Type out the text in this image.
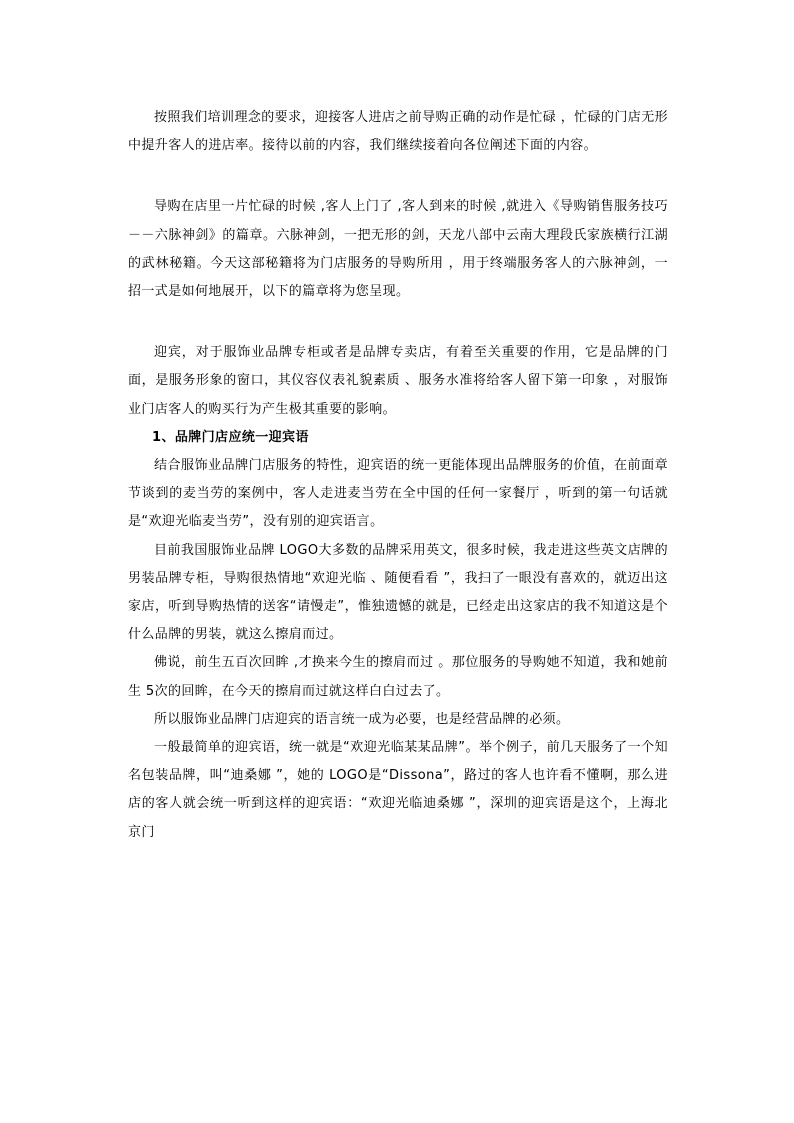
按照我们培训理念的要求，迎接客人进店之前导购正确的动作是忙碌 ，忙碌的门店无形中提升客人的进店率。接待以前的内容，我们继续接着向各位阐述下面的内容。

导购在店里一片忙碌的时候 ,客人上门了 ,客人到来的时候 ,就进入《导购销售服务技巧－－六脉神剑》的篇章。六脉神剑，一把无形的剑，天龙八部中云南大理段氏家族横行江湖的武林秘籍。今天这部秘籍将为门店服务的导购所用 ，用于终端服务客人的六脉神剑，一招一式是如何地展开，以下的篇章将为您呈现。

迎宾，对于服饰业品牌专柜或者是品牌专卖店，有着至关重要的作用，它是品牌的门面，是服务形象的窗口，其仪容仪表礼貌素质 、服务水准将给客人留下第一印象 ，对服饰业门店客人的购买行为产生极其重要的影响。

1、品牌门店应统一迎宾语

结合服饰业品牌门店服务的特性，迎宾语的统一更能体现出品牌服务的价值，在前面章节谈到的麦当劳的案例中，客人走进麦当劳在全中国的任何一家餐厅 ，听到的第一句话就是“欢迎光临麦当劳”，没有别的迎宾语言。

目前我国服饰业品牌 LOGO大多数的品牌采用英文，很多时候，我走进这些英文店牌的男装品牌专柜，导购很热情地“欢迎光临 、随便看看 ”，我扫了一眼没有喜欢的，就迈出这家店，听到导购热情的送客“请慢走”，惟独遗憾的就是，已经走出这家店的我不知道这是个什么品牌的男装，就这么擦肩而过。

佛说，前生五百次回眸 ,才换来今生的擦肩而过 。那位服务的导购她不知道，我和她前生 5次的回眸，在今天的擦肩而过就这样白白过去了。

所以服饰业品牌门店迎宾的语言统一成为必要，也是经营品牌的必须。

一般最简单的迎宾语，统一就是“欢迎光临某某品牌”。举个例子，前几天服务了一个知名包装品牌，叫“迪桑娜 ”，她的 LOGO是“Dissona”，路过的客人也许看不懂啊，那么进店的客人就会统一听到这样的迎宾语：“欢迎光临迪桑娜 ”，深圳的迎宾语是这个，上海北京门
